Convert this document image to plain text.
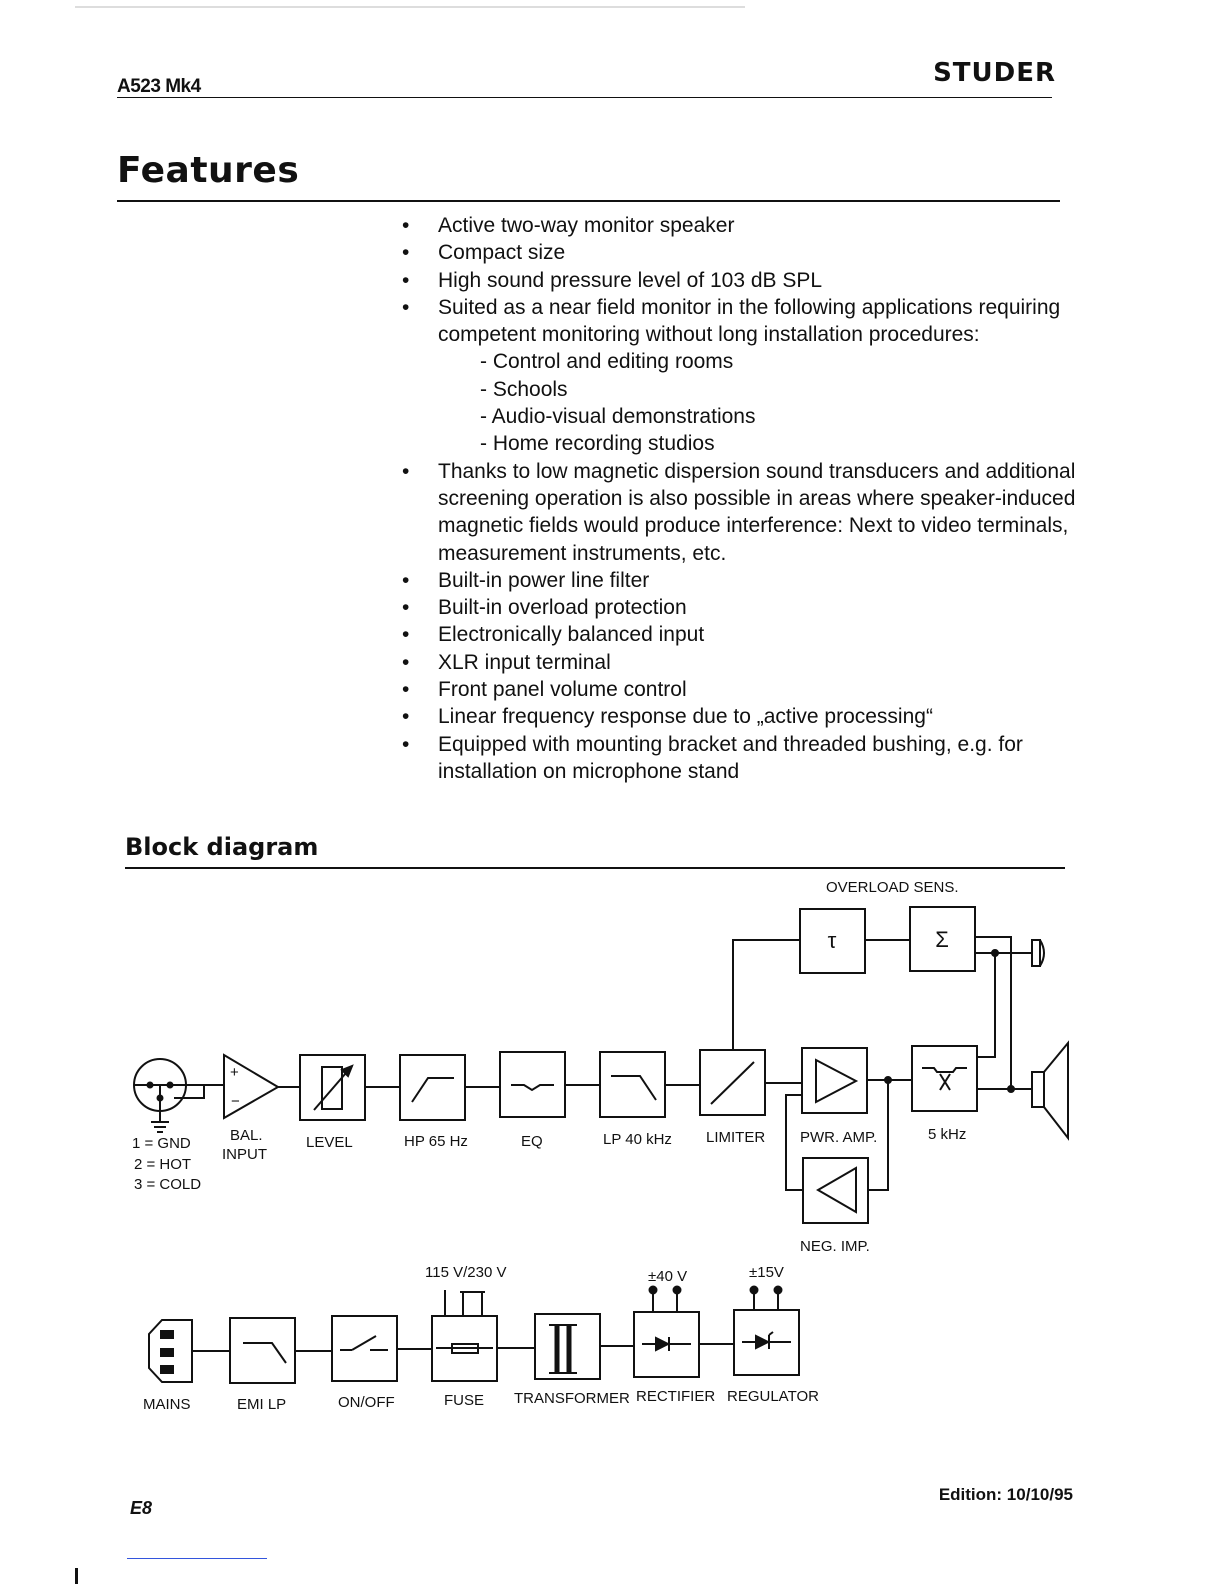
A523 Mk4	STUDER
Features
• Active two-way monitor speaker
• Compact size
• High sound pressure level of 103 dB SPL
• Suited as a near field monitor in the following applications requiring competent monitoring without long installation procedures:
- Control and editing rooms
- Schools
- Audio-visual demonstrations
- Home recording studios
• Thanks to low magnetic dispersion sound transducers and additional screening operation is also possible in areas where speaker-induced magnetic fields would produce interference: Next to video terminals, measurement instruments, etc.
• Built-in power line filter
• Built-in overload protection
• Electronically balanced input
• XLR input terminal
• Front panel volume control
• Linear frequency response due to „active processing“
• Equipped with mounting bracket and threaded bushing, e.g. for installation on microphone stand
Block diagram
+
−
τ	Σ
OVERLOAD SENS.
1 = GND
2 = HOT
3 = COLD
BAL.
INPUT
LEVEL	HP 65 Hz	EQ	LP 40 kHz LIMITER PWR. AMP.	5 kHz
NEG. IMP.
115 V/230 V	±40 V	±15V
MAINS	EMI LP	ON/OFF	FUSE TRANSFORMER RECTIFIER REGULATOR
E8
Edition: 10/10/95
